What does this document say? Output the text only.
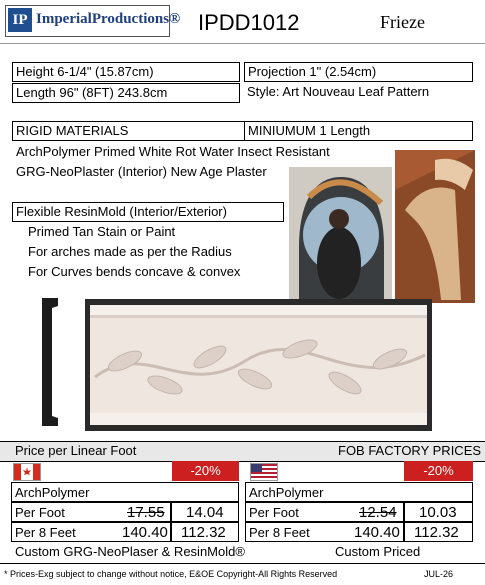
IP ImperialProductions® IPDD1012	Frieze
Height 6-1/4" (15.87cm)	Projection 1" (2.54cm)
Length 96" (8FT) 243.8cm	Style: Art Nouveau Leaf Pattern
RIGID MATERIALS	MINIUMUM 1 Length
ArchPolymer Primed White Rot Water Insect Resistant
GRG-NeoPlaster (Interior) New Age Plaster
Flexible ResinMold (Interior/Exterior)
Primed Tan Stain or Paint
For arches made as per the Radius
For Curves bends concave & convex
Price per Linear Foot	FOB FACTORY PRICES
-20%
ArchPolymer
Per Foot	17.55 14.04
Per 8 Feet	140.40 112.32
-20%
ArchPolymer
Per Foot	12.54 10.03
Per 8 Feet	140.40 112.32
Custom GRG-NeoPlaser & ResinMold®	Custom Priced
* Prices-Exg subject to change without notice, E&OE Copyright-All Rights Reserved	JUL-26
